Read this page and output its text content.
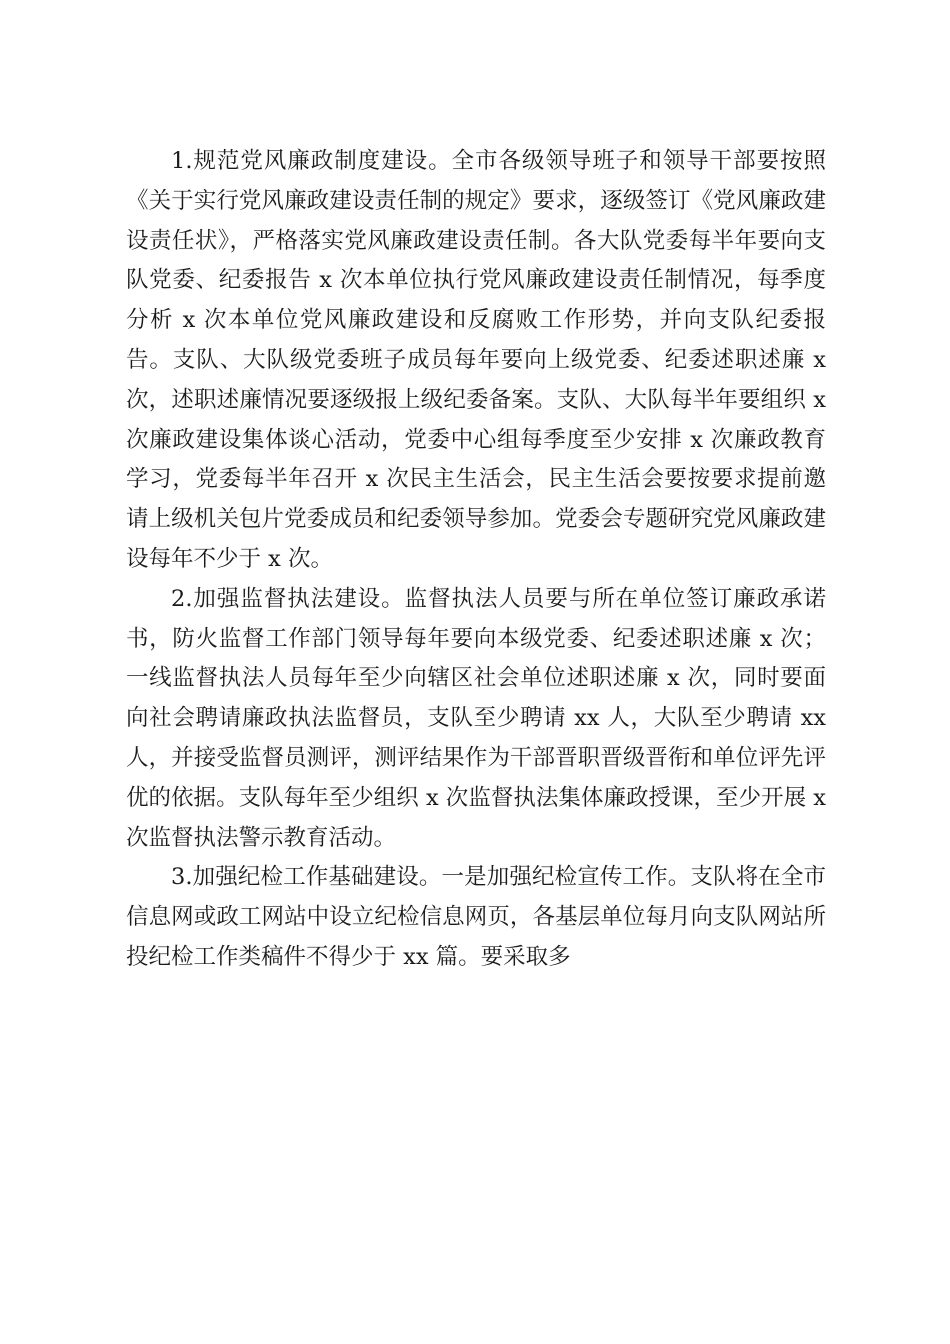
1.规范党风廉政制度建设。全市各级领导班子和领导干部要按照《关于实行党风廉政建设责任制的规定》要求，逐级签订《党风廉政建设责任状》，严格落实党风廉政建设责任制。各大队党委每半年要向支队党委、纪委报告 x 次本单位执行党风廉政建设责任制情况，每季度分析 x 次本单位党风廉政建设和反腐败工作形势，并向支队纪委报告。支队、大队级党委班子成员每年要向上级党委、纪委述职述廉 x 次，述职述廉情况要逐级报上级纪委备案。支队、大队每半年要组织 x 次廉政建设集体谈心活动，党委中心组每季度至少安排 x 次廉政教育学习，党委每半年召开 x 次民主生活会，民主生活会要按要求提前邀请上级机关包片党委成员和纪委领导参加。党委会专题研究党风廉政建设每年不少于 x 次。

2.加强监督执法建设。监督执法人员要与所在单位签订廉政承诺书，防火监督工作部门领导每年要向本级党委、纪委述职述廉 x 次；一线监督执法人员每年至少向辖区社会单位述职述廉 x 次，同时要面向社会聘请廉政执法监督员，支队至少聘请 xx 人，大队至少聘请 xx 人，并接受监督员测评，测评结果作为干部晋职晋级晋衔和单位评先评优的依据。支队每年至少组织 x 次监督执法集体廉政授课，至少开展 x 次监督执法警示教育活动。

3.加强纪检工作基础建设。一是加强纪检宣传工作。支队将在全市信息网或政工网站中设立纪检信息网页，各基层单位每月向支队网站所投纪检工作类稿件不得少于 xx 篇。要采取多
